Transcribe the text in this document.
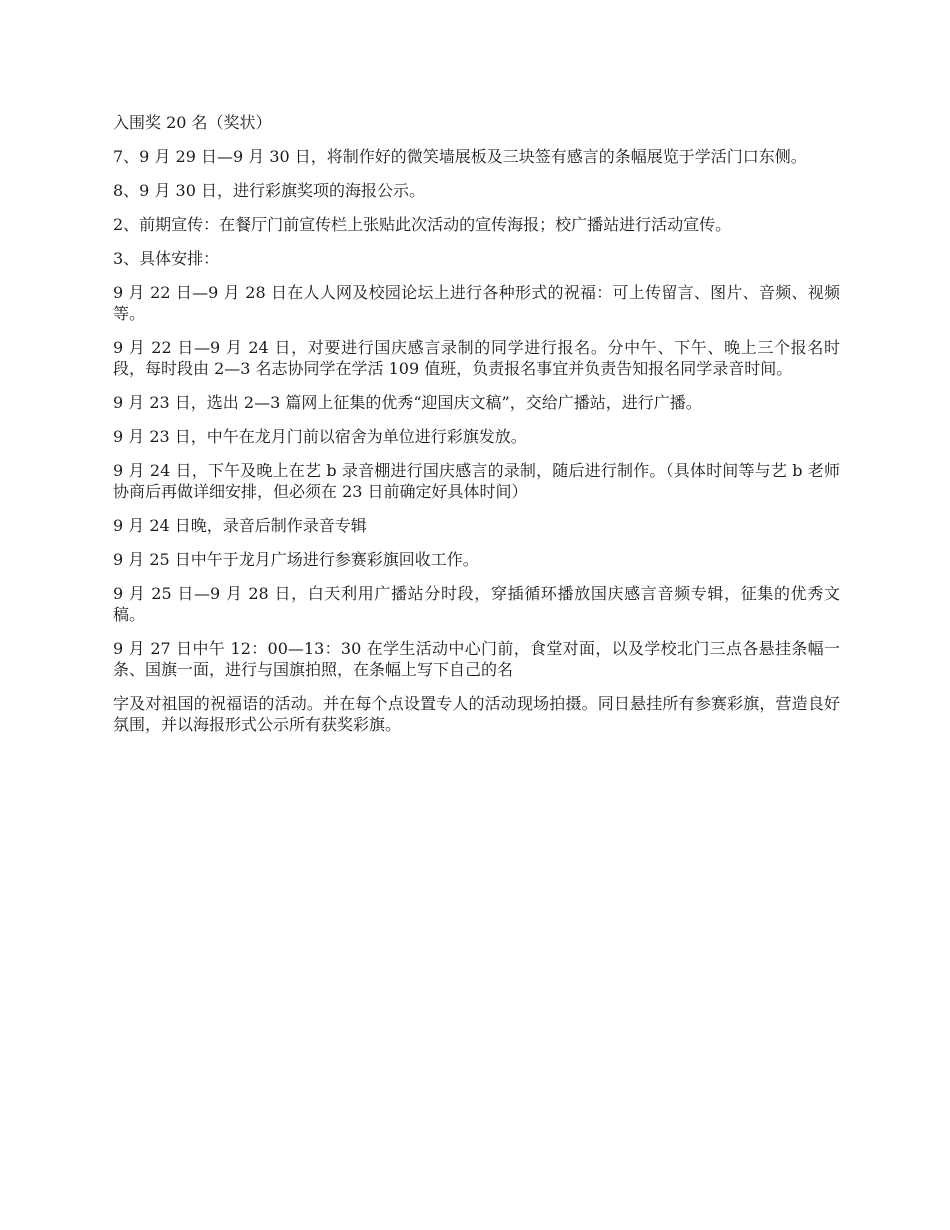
入围奖 20 名（奖状）

7、9 月 29 日—9 月 30 日，将制作好的微笑墙展板及三块签有感言的条幅展览于学活门口东侧。

8、9 月 30 日，进行彩旗奖项的海报公示。

2、前期宣传：在餐厅门前宣传栏上张贴此次活动的宣传海报；校广播站进行活动宣传。

3、具体安排：

9 月 22 日—9 月 28 日在人人网及校园论坛上进行各种形式的祝福：可上传留言、图片、音频、视频等。

9 月 22 日—9 月 24 日，对要进行国庆感言录制的同学进行报名。分中午、下午、晚上三个报名时段，每时段由 2—3 名志协同学在学活 109 值班，负责报名事宜并负责告知报名同学录音时间。

9 月 23 日，选出 2—3 篇网上征集的优秀“迎国庆文稿”，交给广播站，进行广播。

9 月 23 日，中午在龙月门前以宿舍为单位进行彩旗发放。

9 月 24 日，下午及晚上在艺 b 录音棚进行国庆感言的录制，随后进行制作。（具体时间等与艺 b 老师协商后再做详细安排，但必须在 23 日前确定好具体时间）

9 月 24 日晚，录音后制作录音专辑

9 月 25 日中午于龙月广场进行参赛彩旗回收工作。

9 月 25 日—9 月 28 日，白天利用广播站分时段，穿插循环播放国庆感言音频专辑，征集的优秀文稿。

9 月 27 日中午 12：00—13：30 在学生活动中心门前，食堂对面，以及学校北门三点各悬挂条幅一条、国旗一面，进行与国旗拍照，在条幅上写下自己的名

字及对祖国的祝福语的活动。并在每个点设置专人的活动现场拍摄。同日悬挂所有参赛彩旗，营造良好氛围，并以海报形式公示所有获奖彩旗。
